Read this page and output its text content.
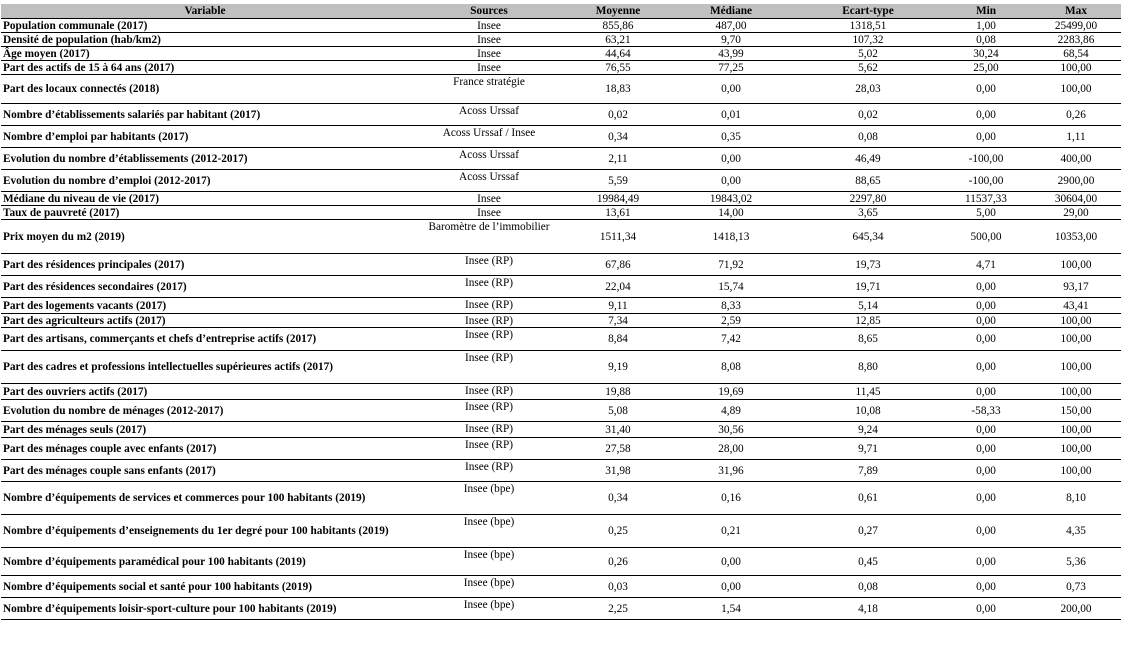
Variable	Sources	Moyenne	Médiane	Ecart-type	Min	Max
Population communale (2017)	Insee	855,86	487,00	1318,51	1,00	25499,00
Densité de population (hab/km2)	Insee	63,21	9,70	107,32	0,08	2283,86
Âge moyen (2017)	Insee	44,64	43,99	5,02	30,24	68,54
Part des actifs de 15 à 64 ans (2017)	Insee	76,55	77,25	5,62	25,00	100,00
Part des locaux connectés (2018)	France stratégie	18,83	0,00	28,03	0,00	100,00
Nombre d’établissements salariés par habitant (2017)	Acoss Urssaf	0,02	0,01	0,02	0,00	0,26
Nombre d’emploi par habitants (2017)	Acoss Urssaf / Insee	0,34	0,35	0,08	0,00	1,11
Evolution du nombre d’établissements (2012-2017)	Acoss Urssaf	2,11	0,00	46,49	-100,00	400,00
Evolution du nombre d’emploi (2012-2017)	Acoss Urssaf	5,59	0,00	88,65	-100,00	2900,00
Médiane du niveau de vie (2017)	Insee	19984,49	19843,02	2297,80	11537,33	30604,00
Taux de pauvreté (2017)	Insee	13,61	14,00	3,65	5,00	29,00
Prix moyen du m2 (2019)	Baromètre de l’immobilier	1511,34	1418,13	645,34	500,00	10353,00
Part des résidences principales (2017)	Insee (RP)	67,86	71,92	19,73	4,71	100,00
Part des résidences secondaires (2017)	Insee (RP)	22,04	15,74	19,71	0,00	93,17
Part des logements vacants (2017)	Insee (RP)	9,11	8,33	5,14	0,00	43,41
Part des agriculteurs actifs (2017)	Insee (RP)	7,34	2,59	12,85	0,00	100,00
Part des artisans, commerçants et chefs d’entreprise actifs (2017)	Insee (RP)	8,84	7,42	8,65	0,00	100,00
Part des cadres et professions intellectuelles supérieures actifs (2017)	Insee (RP)	9,19	8,08	8,80	0,00	100,00
Part des ouvriers actifs (2017)	Insee (RP)	19,88	19,69	11,45	0,00	100,00
Evolution du nombre de ménages (2012-2017)	Insee (RP)	5,08	4,89	10,08	-58,33	150,00
Part des ménages seuls (2017)	Insee (RP)	31,40	30,56	9,24	0,00	100,00
Part des ménages couple avec enfants (2017)	Insee (RP)	27,58	28,00	9,71	0,00	100,00
Part des ménages couple sans enfants (2017)	Insee (RP)	31,98	31,96	7,89	0,00	100,00
Nombre d’équipements de services et commerces pour 100 habitants (2019)	Insee (bpe)	0,34	0,16	0,61	0,00	8,10
Nombre d’équipements d’enseignements du 1er degré pour 100 habitants (2019)	Insee (bpe)	0,25	0,21	0,27	0,00	4,35
Nombre d’équipements paramédical pour 100 habitants (2019)	Insee (bpe)	0,26	0,00	0,45	0,00	5,36
Nombre d’équipements social et santé pour 100 habitants (2019)	Insee (bpe)	0,03	0,00	0,08	0,00	0,73
Nombre d’équipements loisir-sport-culture pour 100 habitants (2019)	Insee (bpe)	2,25	1,54	4,18	0,00	200,00
